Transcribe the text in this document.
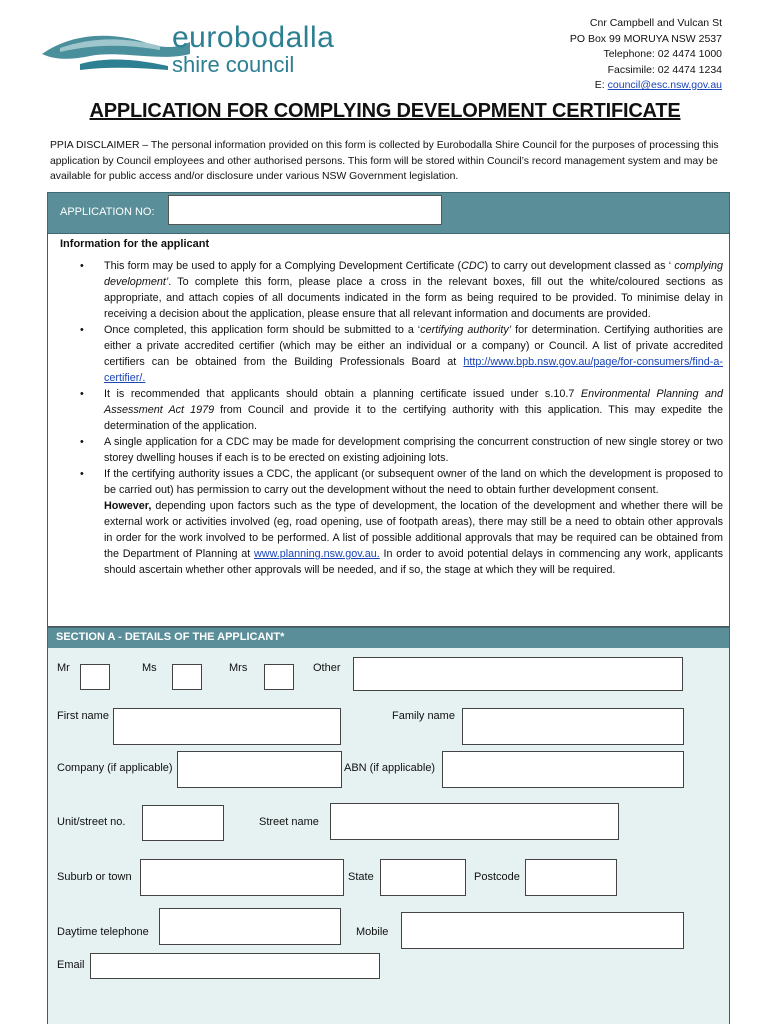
eurobodalla
shire council
Cnr Campbell and Vulcan St
PO Box 99 MORUYA NSW 2537
Telephone: 02 4474 1000
Facsimile: 02 4474 1234
E: council@esc.nsw.gov.au
APPLICATION FOR COMPLYING DEVELOPMENT CERTIFICATE
PPIA DISCLAIMER – The personal information provided on this form is collected by Eurobodalla Shire Council for the purposes of processing this application by Council employees and other authorised persons. This form will be stored within Council’s record management system and may be available for public access and/or disclosure under various NSW Government legislation.
APPLICATION NO:
Information for the applicant
• This form may be used to apply for a Complying Development Certificate (CDC) to carry out development classed as ‘ complying development’. To complete this form, please place a cross in the relevant boxes, fill out the white/coloured sections as appropriate, and attach copies of all documents indicated in the form as being required to be provided. To minimise delay in receiving a decision about the application, please ensure that all relevant information and documents are provided.
• Once completed, this application form should be submitted to a ‘certifying authority’ for determination. Certifying authorities are either a private accredited certifier (which may be either an individual or a company) or Council. A list of private accredited certifiers can be obtained from the Building Professionals Board at http://www.bpb.nsw.gov.au/page/for-consumers/find-a-certifier/.
• It is recommended that applicants should obtain a planning certificate issued under s.10.7 Environmental Planning and Assessment Act 1979 from Council and provide it to the certifying authority with this application. This may expedite the determination of the application.
• A single application for a CDC may be made for development comprising the concurrent construction of new single storey or two storey dwelling houses if each is to be erected on existing adjoining lots.
• If the certifying authority issues a CDC, the applicant (or subsequent owner of the land on which the development is proposed to be carried out) has permission to carry out the development without the need to obtain further development consent.
However, depending upon factors such as the type of development, the location of the development and whether there will be external work or activities involved (eg, road opening, use of footpath areas), there may still be a need to obtain other approvals in order for the work involved to be performed. A list of possible additional approvals that may be required can be obtained from the Department of Planning at www.planning.nsw.gov.au. In order to avoid potential delays in commencing any work, applicants should ascertain whether other approvals will be needed, and if so, the stage at which they will be required.
SECTION A - DETAILS OF THE APPLICANT*
Mr	Ms	Mrs	Other
First name	Family name
Company (if applicable)	ABN (if applicable)
Unit/street no.	Street name
Suburb or town	State	Postcode
Daytime telephone	Mobile
Email
